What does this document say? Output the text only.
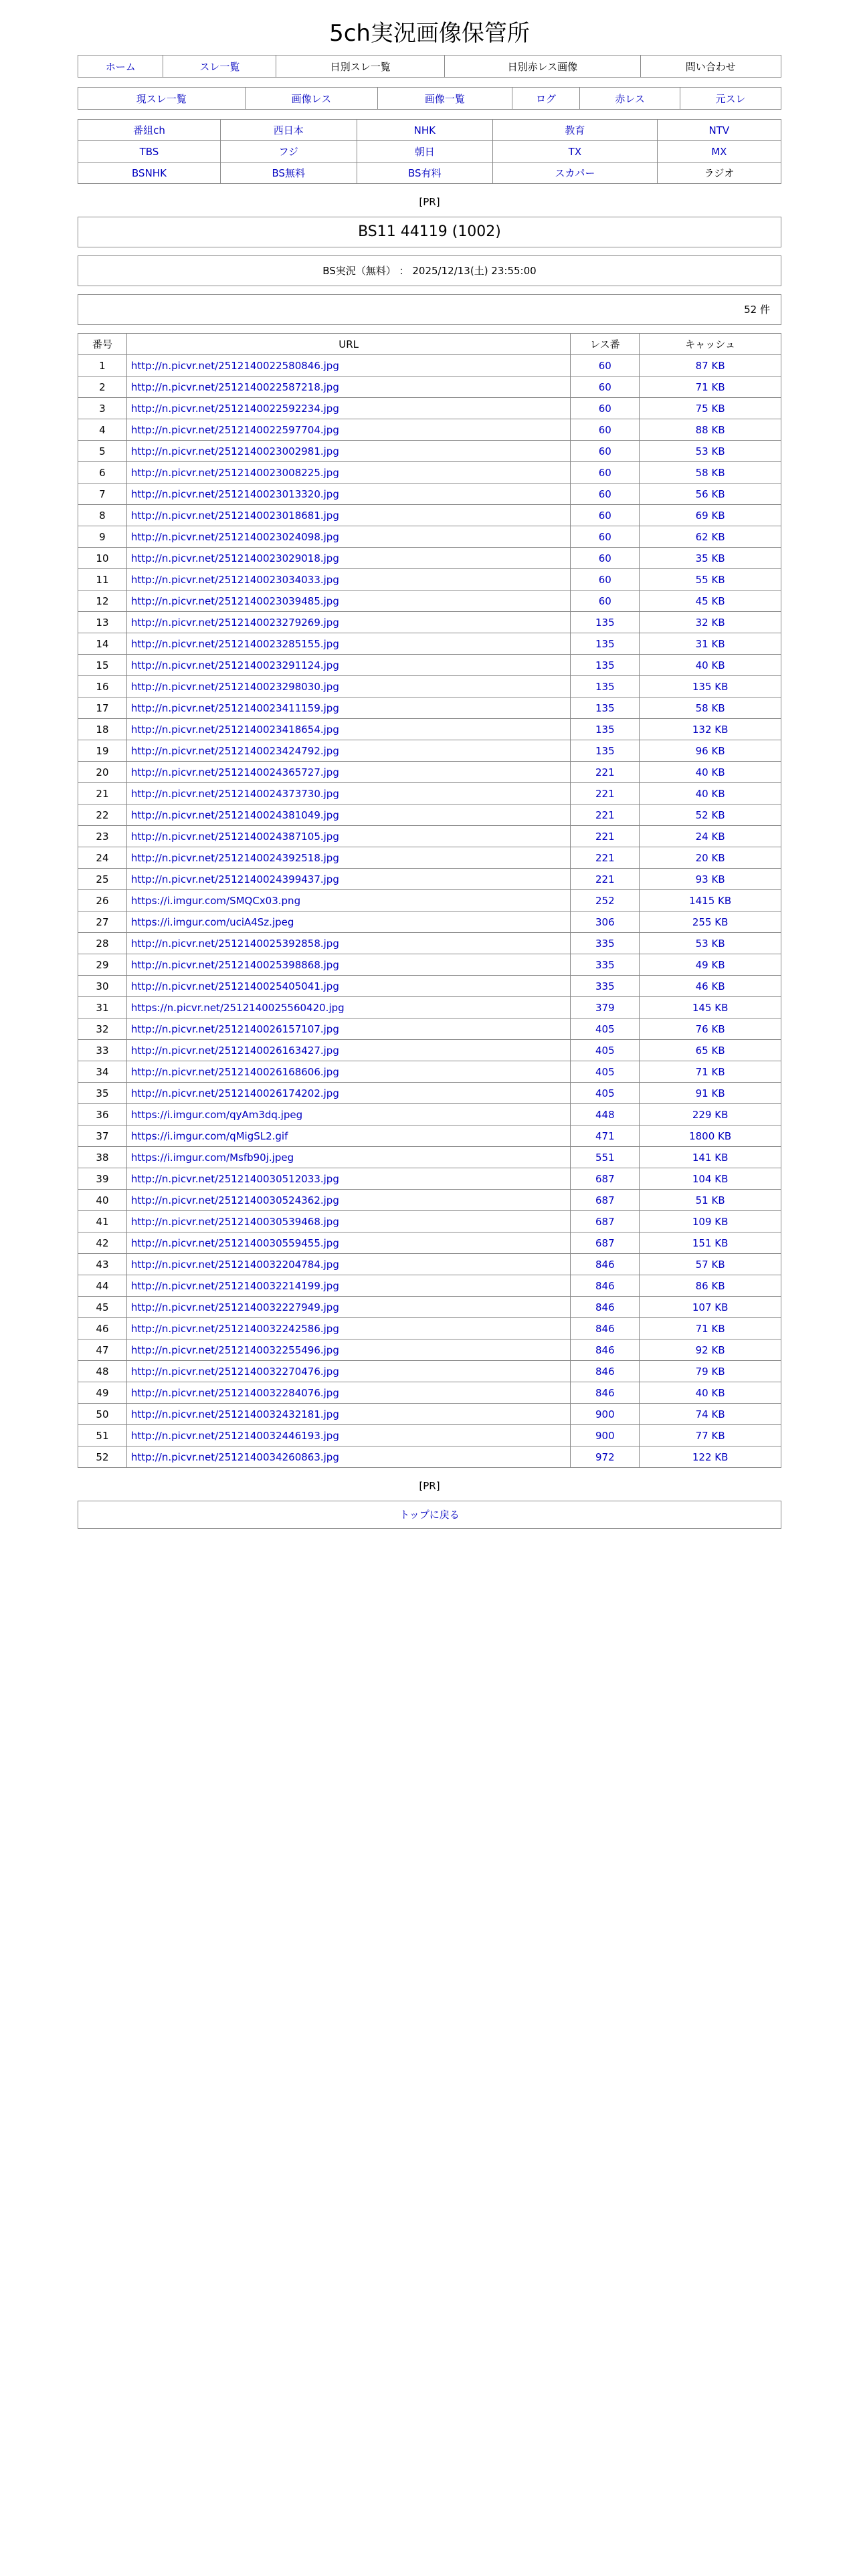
5ch実況画像保管所
ホーム	スレ一覧	日別スレ一覧	日別赤レス画像	問い合わせ
現スレ一覧	画像レス	画像一覧	ログ	赤レス	元スレ
番組ch	西日本	NHK	教育	NTV
TBS	フジ	朝日	TX	MX
BSNHK	BS無料	BS有料	スカパー	ラジオ
[PR]
BS11 44119 (1002)
BS実況（無料） ： 2025/12/13(土) 23:55:00
52 件
番号	URL	レス番	キャッシュ
1	http://n.picvr.net/2512140022580846.jpg	60	87 KB
2	http://n.picvr.net/2512140022587218.jpg	60	71 KB
3	http://n.picvr.net/2512140022592234.jpg	60	75 KB
4	http://n.picvr.net/2512140022597704.jpg	60	88 KB
5	http://n.picvr.net/2512140023002981.jpg	60	53 KB
6	http://n.picvr.net/2512140023008225.jpg	60	58 KB
7	http://n.picvr.net/2512140023013320.jpg	60	56 KB
8	http://n.picvr.net/2512140023018681.jpg	60	69 KB
9	http://n.picvr.net/2512140023024098.jpg	60	62 KB
10	http://n.picvr.net/2512140023029018.jpg	60	35 KB
11	http://n.picvr.net/2512140023034033.jpg	60	55 KB
12	http://n.picvr.net/2512140023039485.jpg	60	45 KB
13	http://n.picvr.net/2512140023279269.jpg	135	32 KB
14	http://n.picvr.net/2512140023285155.jpg	135	31 KB
15	http://n.picvr.net/2512140023291124.jpg	135	40 KB
16	http://n.picvr.net/2512140023298030.jpg	135	135 KB
17	http://n.picvr.net/2512140023411159.jpg	135	58 KB
18	http://n.picvr.net/2512140023418654.jpg	135	132 KB
19	http://n.picvr.net/2512140023424792.jpg	135	96 KB
20	http://n.picvr.net/2512140024365727.jpg	221	40 KB
21	http://n.picvr.net/2512140024373730.jpg	221	40 KB
22	http://n.picvr.net/2512140024381049.jpg	221	52 KB
23	http://n.picvr.net/2512140024387105.jpg	221	24 KB
24	http://n.picvr.net/2512140024392518.jpg	221	20 KB
25	http://n.picvr.net/2512140024399437.jpg	221	93 KB
26	https://i.imgur.com/SMQCx03.png	252	1415 KB
27	https://i.imgur.com/uciA4Sz.jpeg	306	255 KB
28	http://n.picvr.net/2512140025392858.jpg	335	53 KB
29	http://n.picvr.net/2512140025398868.jpg	335	49 KB
30	http://n.picvr.net/2512140025405041.jpg	335	46 KB
31	https://n.picvr.net/2512140025560420.jpg	379	145 KB
32	http://n.picvr.net/2512140026157107.jpg	405	76 KB
33	http://n.picvr.net/2512140026163427.jpg	405	65 KB
34	http://n.picvr.net/2512140026168606.jpg	405	71 KB
35	http://n.picvr.net/2512140026174202.jpg	405	91 KB
36	https://i.imgur.com/qyAm3dq.jpeg	448	229 KB
37	https://i.imgur.com/qMigSL2.gif	471	1800 KB
38	https://i.imgur.com/Msfb90j.jpeg	551	141 KB
39	http://n.picvr.net/2512140030512033.jpg	687	104 KB
40	http://n.picvr.net/2512140030524362.jpg	687	51 KB
41	http://n.picvr.net/2512140030539468.jpg	687	109 KB
42	http://n.picvr.net/2512140030559455.jpg	687	151 KB
43	http://n.picvr.net/2512140032204784.jpg	846	57 KB
44	http://n.picvr.net/2512140032214199.jpg	846	86 KB
45	http://n.picvr.net/2512140032227949.jpg	846	107 KB
46	http://n.picvr.net/2512140032242586.jpg	846	71 KB
47	http://n.picvr.net/2512140032255496.jpg	846	92 KB
48	http://n.picvr.net/2512140032270476.jpg	846	79 KB
49	http://n.picvr.net/2512140032284076.jpg	846	40 KB
50	http://n.picvr.net/2512140032432181.jpg	900	74 KB
51	http://n.picvr.net/2512140032446193.jpg	900	77 KB
52	http://n.picvr.net/2512140034260863.jpg	972	122 KB
[PR]
トップに戻る
